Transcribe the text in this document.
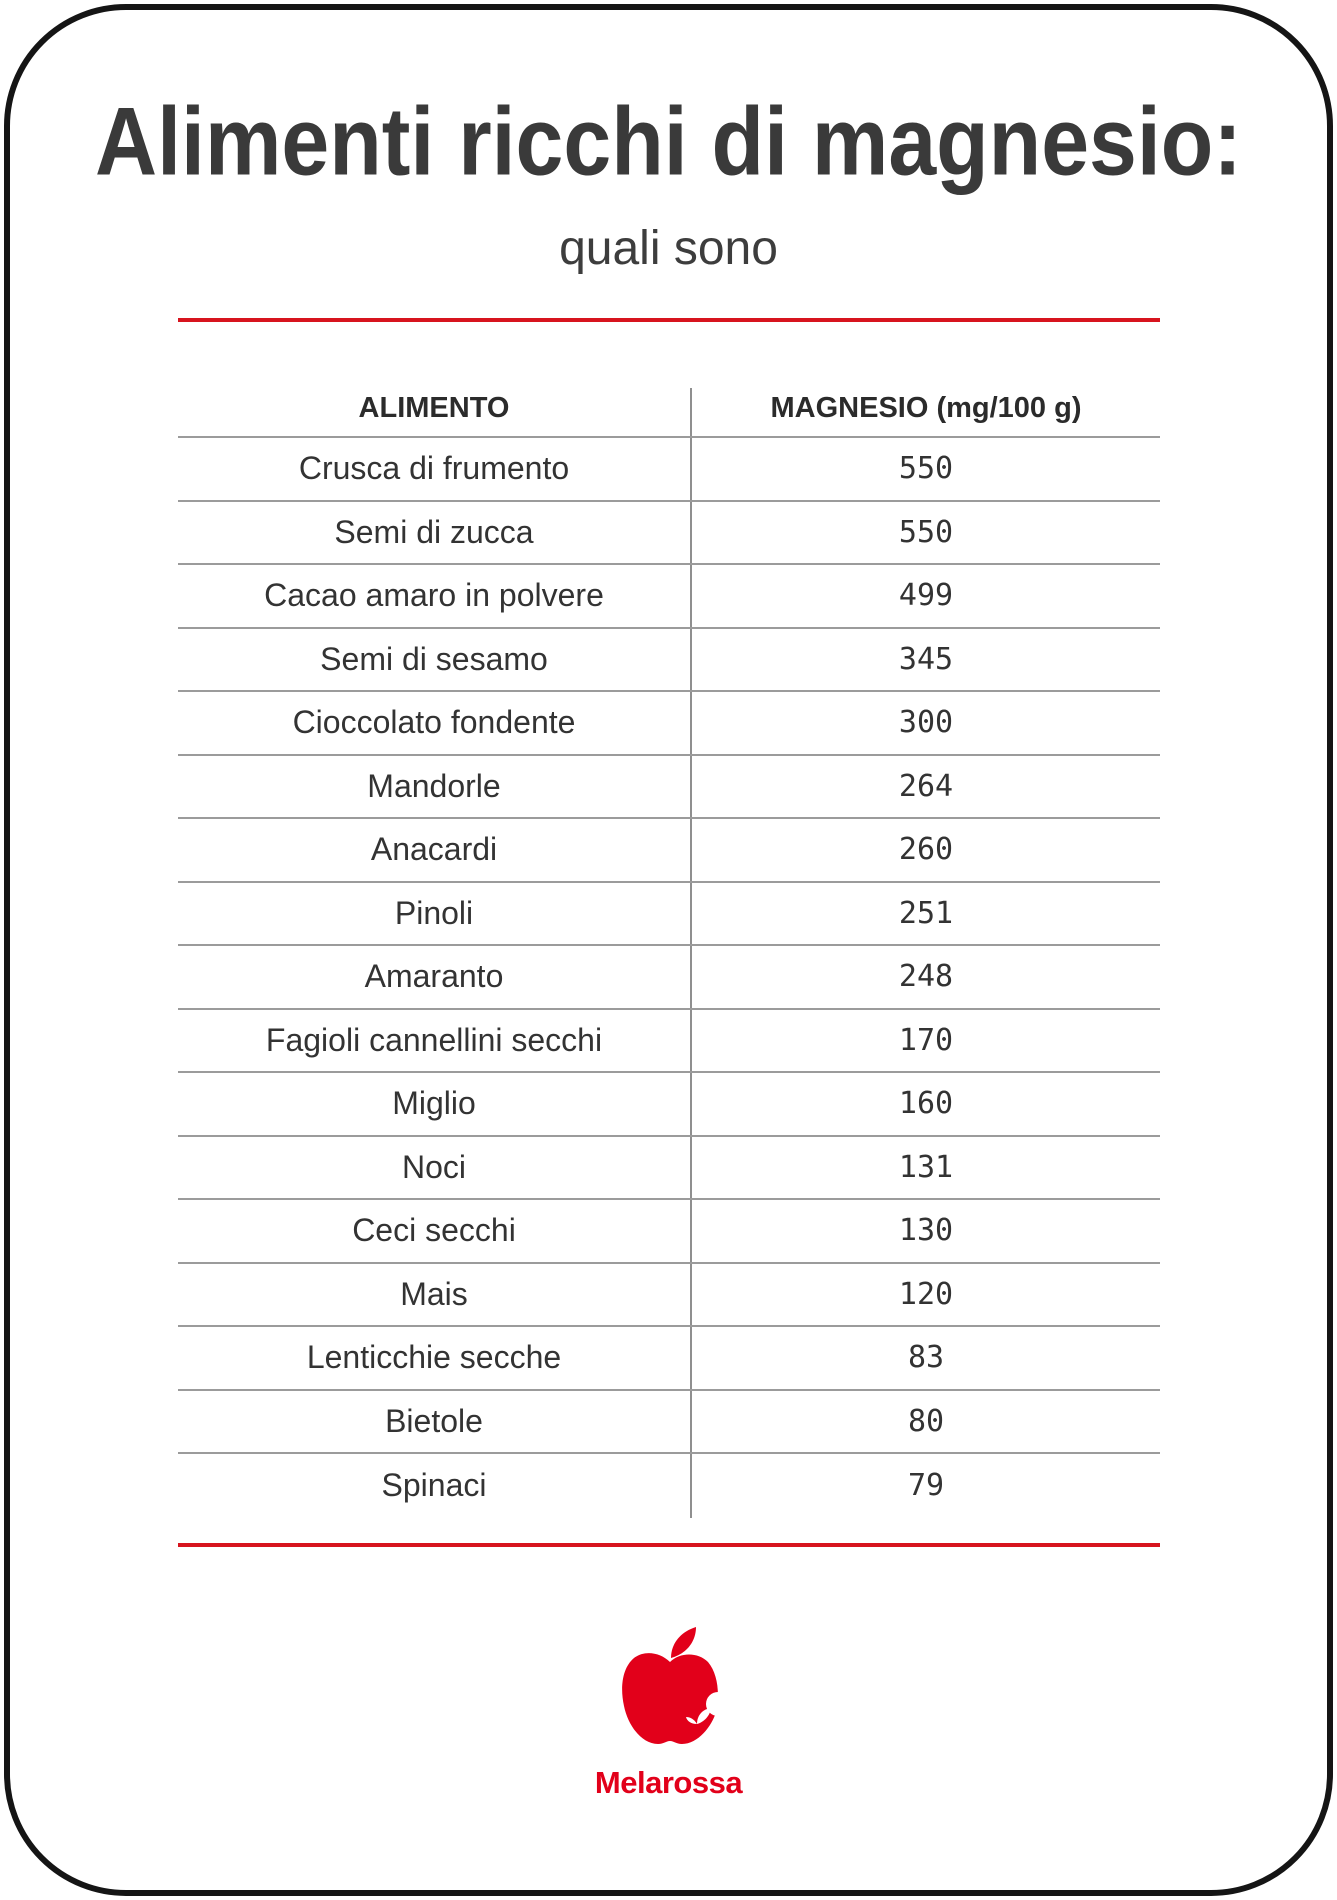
Alimenti ricchi di magnesio:
quali sono
ALIMENTO	MAGNESIO (mg/100 g)
Crusca di frumento	550
Semi di zucca	550
Cacao amaro in polvere	499
Semi di sesamo	345
Cioccolato fondente	300
Mandorle	264
Anacardi	260
Pinoli	251
Amaranto	248
Fagioli cannellini secchi	170
Miglio	160
Noci	131
Ceci secchi	130
Mais	120
Lenticchie secche	83
Bietole	80
Spinaci	79
Melarossa
